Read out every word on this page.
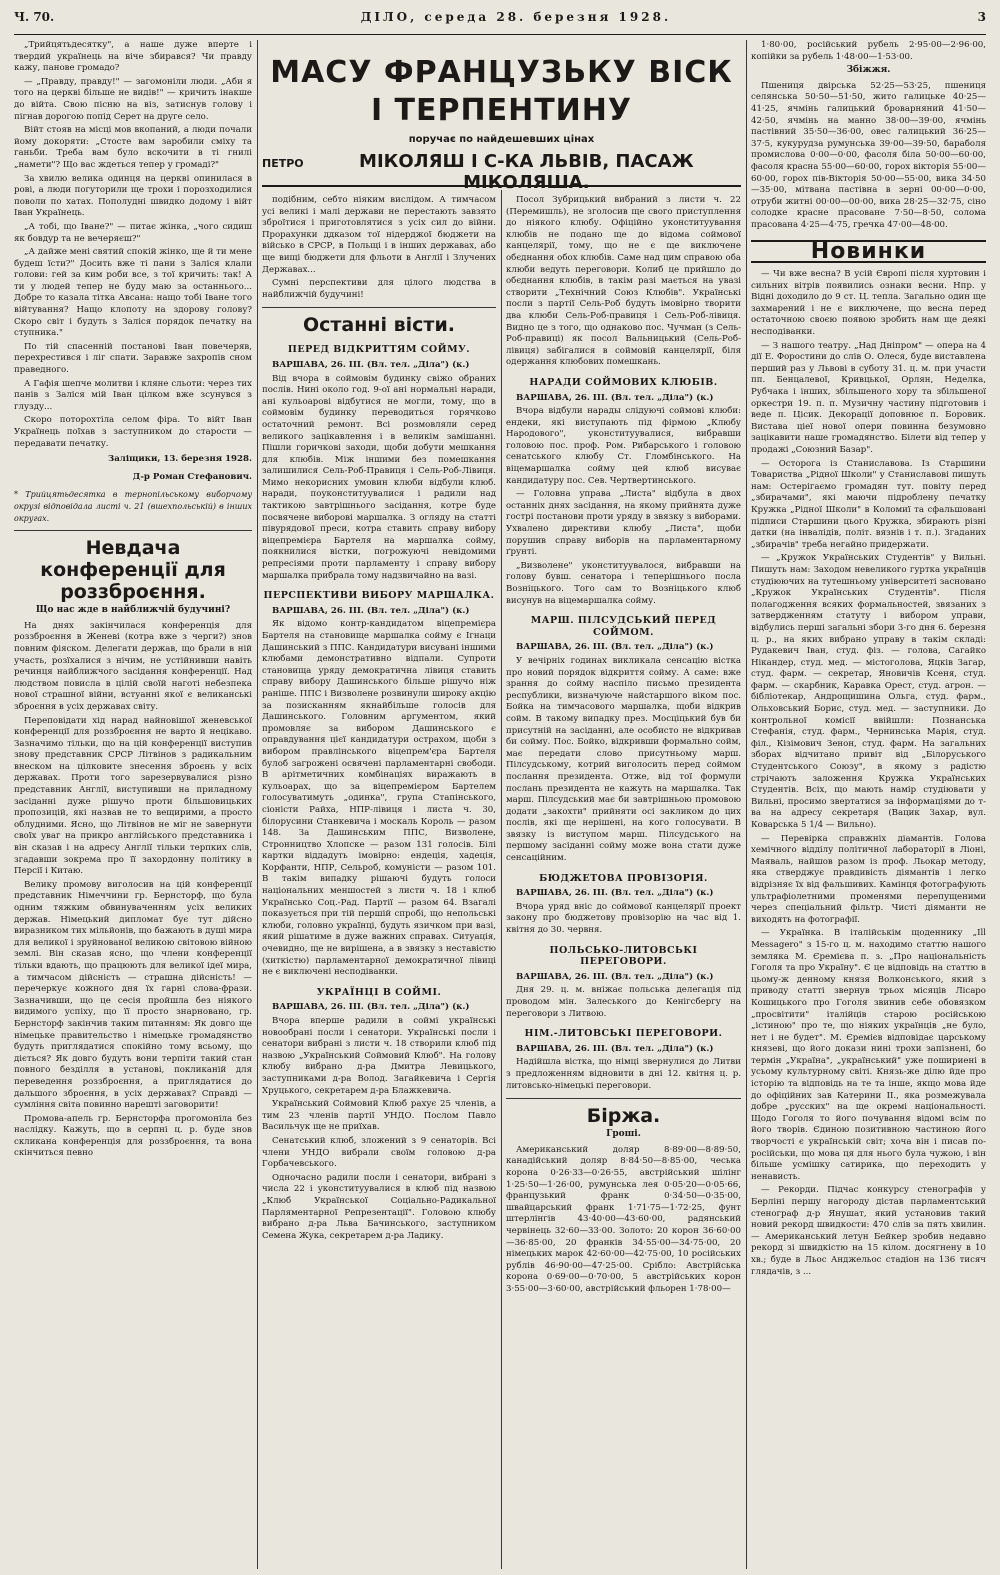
Ч. 70.	ДІЛО, середа 28. березня 1928.	3
МАСУ ФРАНЦУЗЬКУ ВІСК І ТЕРПЕНТИНУ
поручає по найдешевших цінах
ПЕТРО	МІКОЛЯШ І С-КА ЛЬВІВ, ПАСАЖ МІКОЛЯША.

„Трийцятьдесятку", а наше дуже вперте і твердий українець на віче збирався? Чи правду кажу, панове громадо?

— „Правду, правду!" — загомоніли люди. „Аби я того на церкві більше не видів!" — кричить інакше до війта. Свою пісню на віз, затиснув голову і пігнав дорогою попід Серет на друге село.

Війт стояв на місці мов вкопаний, а люди почали йому докоряти: „Стосте вам заробили сміху та ганьби. Треба вам було вскочити в ті гнилі „намети"? Що вас ждеться тепер у громаді?"

За хвилю велика одинця на церкві опинилася в ровi, а люди погуторили ще трохи і порозходилися поволи по хатах. Пополудні швидко додому і війт Іван Українець.

„А тобі, що Іване?" — питає жінка, „чого сидиш як бовдур та не вечеряєш?"

„А дайже мені святий спокій жінко, ще й ти мене будеш їсти?" Досить вже ті пани з Заліся клали голови: гей за ким роби все, з тої кричить: так! А ти у людей тепер не буду маю за останнього... Добре то казала тітка Авсана: нащо тобі Іване того війтування? Нащо клопоту на здорову голову? Скоро світ і будуть з Заліся порядок печатку на ступника."

По тій спасенній постанові Іван повечеряв, перехрестився і ліг спати. Заравже захропів сном праведного.

А Гафія шепче молитви і кляне сльоти: через тих панів з Заліся мій Іван цілком вже зсунувся з глузду...

Скоро поторохтіла селом фіра. То війт Іван Українець поїхав з заступником до старости — передавати печатку.

Заліщики, 13. березня 1928.
Д-р Роман Стефанович.
* Трийцятьдесятка в тернопільському виборчому окрузі відповідала листі ч. 21 (вшехпольській) в інших округах.
Невдача конференції для роззброєння.
Що нас жде в найближчій будучині?

На днях закінчилася конференція для роззброєння в Женеві (котра вже з черги?) знов повним фіяском. Делегати держав, що брали в ній участь, розїхалися з нічим, не устійнивши навіть речинця найближчого засідання конференції. Над людством повисла в цілій своїй наготі небезпека нової страшної війни, встуанні якої є великанські зброєння в усіх державах світу.

Переповідати хід нарад найновішої женевської конференції для роззброєння не варто й нецікаво. Зазначимо тільки, що на цій конференції виступив знову представник СРСР Літвінов з радикальним внеском на цілковите знесення зброєнь у всіх державах. Проти того зарезервувалися різно представник Англії, виступивши на приладному засіданні дуже рішучо проти більшовицьких пропозицій, які назвав не то вещирими, а просто облудними. Ясно, що Літвінов не міг не завернути своїх уваг на прикро англійського представника і він сказав і на адресу Англії тільки терпких слів, згадавши зокрема про її захордонну політику в Персії і Китаю.

Велику промову виголосив на цій конференції представник Німеччини гр. Бернсторф, що була одним тяжким обвинуваченням усіх великих держав. Німецький дипломат бує тут дійсно виразником тих мільйонів, що бажають в душі мира для великої і зруйнованої великою світовою війною землі. Він сказав ясно, що члени конференції тільки вдають, що працюють для великої ідеї мира, а тимчасом дійсність — страшна дійсність! — перечеркує кожного дня їх гарні слова-фрази. Зазначивши, що це сесія пройшла без ніякого видимого успіху, що її просто знарновано, гр. Бернсторф закінчив таким питанням: Як довго ще німецьке правительство і німецьке громадянство будуть приглядатися спокійно тому всьому, що діється? Як довго будуть вони терпіти такий стан повного безділля в установі, покликаній для переведення роззброєння, а приглядатися до дальшого зброєння, в усіх державах? Справді — сумління світа повинно нарешті заговорити!

Промова-апель гр. Бернсторфа прогомоніла без наслідку. Кажуть, що в серпні ц. р. буде знов скликана конференція для роззброєння, та вона скінчиться певно

подібним, себто ніяким вислідом. А тимчасом усі великі і малі держави не перестають завзято зброїтися і приготовлятися з усіх сил до війни. Прорахунки ддказом тої нідерджої бюджети на військо в СРСР, в Польщі і в інших державах, або ще вищі бюджети для фльоти в Англії і Злучених Державах...

Сумні перспективи для цілого людства в найближчій будучині!

Останні вісти.
ПЕРЕД ВІДКРИТТЯМ СОЙМУ.

ВАРШАВА, 26. ІІІ. (Вл. тел. „Діла") (к.)

Від вчора в соймовім будинку свіжо обраних послів. Нині около год. 9-ої ані нормальні наради, ані кульоарові відбутися не могли, тому, що в соймовім будинку переводиться горячково остаточний ремонт. Всі розмовляли серед великого зацікавлення і в великім замішанні. Пішли горичкові заходи, щоби добути мешкання для клюбів. Між іншими без помешкання залишилися Сель-Роб-Правиця і Сель-Роб-Лівиця. Мимо некорисних умовин клюби відбули клюб. наради, поуконституувалися і радили над тактикою завтрішнього засідання, котре буде посвячене виборові маршалка. З огляду на статті півурядової преси, котра ставить справу вибору віцепремієра Бартеля на маршалка сойму, поякнилися вістки, погрожуючі невідомими репресіями проти парламенту і справу вибору маршалка прибрала тому надзвичайно на вазі.

ПЕРСПЕКТИВИ ВИБОРУ МАРШАЛКА.

ВАРШАВА, 26. ІІІ. (Вл. тел. „Діла") (к.)

Як відомо контр-кандидатом віцепремієра Бартеля на становище маршалка сойму є Ігнаци Дашинський з ППС. Кандидатури висувані іншими клюбами демонстративно відпали. Супроти становища уряду демократична лівиця ставить справу вибору Дашинського більше рішучо ніж раніше. ППС і Визволене розвинули широку акцію за позисканням якнайбільше голосів для Дашинського. Головним аргументом, який промовляє за вибором Дашинського є оправдування цієї кандидатури острахом, щоби з вибором правлінського віцепрем'єра Бартеля булоб загрожені освячені парламентарні свободи. В арітметичних комбінаціях виражають в кульоарах, що за віцепремієром Бартелем голосуватимуть „одинка", група Стапінського, сіоністи Райха, НПР-лівиця і листа ч. 30, білорусини Станкевича і москаль Король — разом 148. За Дашинським ППС, Визволене, Стронництво Хлопске — разом 131 голосів. Білі картки віддадуть імовірно: ендеція, хадеція, Корфанти, НПР, Сельроб, комуністи — разом 101. В такім випадку рішаючі будуть голоси національних меншостей з листи ч. 18 і клюб Українсько Соц.-Рад. Партії — разом 64. Взагалі показується при тій першій спробі, що непольські клюби, головно українці, будуть язичком при вазі, який рішатиме в дуже важних справах. Ситуація, очевидно, ще не вирішена, а в звязку з неставістю (хиткістю) парламентарної демократичної лівиці не є виключені несподіванки.

УКРАЇНЦІ В СОЙМІ.

ВАРШАВА, 26. ІІІ. (Вл. тел. „Діла") (к.)

Вчора вперше радили в соймі українські новообрані посли і сенатори. Українські посли і сенатори вибрані з листи ч. 18 створили клюб під назвою „Український Соймовий Клюб". На голову клюбу вибрано д-ра Дмитра Левицького, заступниками д-ра Волод. Загайкевича і Сергія Хруцького, секретарем д-ра Блажкевича.

Український Соймовий Клюб рахує 25 членів, а тим 23 членів партії УНДО. Послом Павло Васильчук ще не приїхав.

Сенатський клюб, зложений з 9 сенаторів. Всі члени УНДО вибрали своїм головою д-ра Горбачевського.

Одночасно радили посли і сенатори, вибрані з числа 22 і уконституувалися в клюб під назвою „Клюб Української Соціально-Радикальної Парляментарної Репрезентації". Головою клюбу вибрано д-ра Льва Бачинського, заступником Семена Жука, секретарем д-ра Ладику.

Посол Зубрицький вибраний з листи ч. 22 (Перемишль), не зголосив ще свого приступлення до ніякого клюбу. Офіційно уконституування клюбів не подано ще до відома соймової канцелярії, тому, що не є ще виключене обєднання обох клюбів. Саме над цим справою оба клюби ведуть переговори. Колиб це прийшло до обєднання клюбів, в такім разі мається на увазі створити „Технічний Союз Клюбів". Українські посли з партії Сель-Роб будуть імовірно творити два клюби Сель-Роб-правиця і Сель-Роб-лівиця. Видно це з того, що однаково пос. Чучман (з Сель-Роб-правиці) як посол Вальницький (Сель-Роб-лівиця) забігалися в соймовій канцелярії, біля одержання клюбових помешкань.

НАРАДИ СОЙМОВИХ КЛЮБІВ.

ВАРШАВА, 26. ІІІ. (Вл. тел. „Діла") (к.)

Вчора відбули нарады слідуючі соймові клюби: ендеки, які виступають під фірмою „Клюбу Народового", уконституувалися, вибравши головою пос. проф. Ром. Рибарського і головою сенатського клюбу Ст. Гломбінського. На віцемаршалка сойму цей клюб висуває кандидатуру пос. Сев. Чертвертинського.

— Головна управа „Листа" відбула в двох останніх днях засідання, на якому прийнята дуже гострі постанови проти уряду в звязку з виборами. Ухвалено директиви клюбу „Листа", щоби порушив справу виборів на парламентарному ґрунті.

„Визволене" уконституувалося, вибравши на голову бувш. сенатора і теперішнього посла Возніцького. Того сам то Возніцького клюб висунув на віцемаршалка сойму.

МАРШ. ПІЛСУДСЬКИЙ ПЕРЕД СОЙМОМ.

ВАРШАВА, 26. ІІІ. (Вл. тел. „Діла") (к.)

У вечірніх годинах викликала сенсацію вістка про новий порядок відкриття сойму. А саме: вже зрання до сойму наспіло письмо президента республики, визначуюче найстаршого віком пос. Бойка на тимчасового маршалка, щоби відкрив сойм. В такому випадку през. Мосціцький був би присутній на засіданні, але особисто не відкривав би сойму. Пос. Бойко, відкривши формально сойм, має передати слово присутньому марш. Пілсудському, котрий виголосить перед соймом послання президента. Отже, від тої формули послань президента не кажуть на маршалка. Так марш. Пілсудський має би завтрішньою промовою додати „закохти" прийняти осі закликом до цих послів, які ще нерішені, на кого голосувати. В звязку із виступом марш. Пілсудського на першому засіданні сойму може вона стати дуже сенсаційним.

БЮДЖЕТОВА ПРОВІЗОРІЯ.

ВАРШАВА, 26. ІІІ. (Вл. тел. „Діла") (к.)

Вчора уряд вніс до соймової канцелярії проект закону про бюджетову провізорію на час від 1. квітня до 30. червня.

ПОЛЬСЬКО-ЛИТОВСЬКІ ПЕРЕГОВОРИ.

ВАРШАВА, 26. ІІІ. (Вл. тел. „Діла") (к.)

Дня 29. ц. м. вніжає польська делегація під проводом мін. Залеського до Кенігсбергу на переговори з Литвою.

НІМ.-ЛИТОВСЬКІ ПЕРЕГОВОРИ.

ВАРШАВА, 26. ІІІ. (Вл. тел. „Діла") (к.)

Надійшла вістка, що німці звернулися до Литви з предложенням відновити в дні 12. квітня ц. р. литовсько-німецькі переговори.

Біржа.
Гроші.

Американський доляр 8·89·00—8·89·50, канадійський доляр 8·84·50—8·85·00, чеська корона 0·26·33—0·26·55, австрійський шілінг 1·25·50—1·26·00, румунська лея 0·05·20—0·05·66, французький франк 0·34·50—0·35·00, швайцарський франк 1·71·75—1·72·25, фунт штерлінгів 43·40·00—43·60·00, радянський червінець 32·60—33·00. Золото: 20 корон 36·60·00—36·85·00, 20 франків 34·55·00—34·75·00, 20 німецьких марок 42·60·00—42·75·00, 10 російських рублів 46·90·00—47·25·00. Срібло: Австрійська корона 0·69·00—0·70·00, 5 австрійських корон 3·55·00—3·60·00, австрійський фльорен 1·78·00—

1·80·00, російський рубель 2·95·00—2·96·00, копійки за рубель 1·48·00—1·53·00.

Збіжжя.

Пшениця двірська 52·25—53·25, пшениця селянська 50·50—51·50, жито галицьке 40·25—41·25, ячмінь галицький броварняний 41·50—42·50, ячмінь на манно 38·00—39·00, ячмінь пастівний 35·50—36·00, овес галицький 36·25—37·5, кукурудза румунська 39·00—39·50, бараболя промислова 0·00—0·00, фасоля біла 50·00—60·00, фасоля красна 55·00—60·00, горох віктoрія 55·00—60·00, горох пів-Вікторія 50·00—55·00, вика 34·50—35·00, мітвана пастівна в зерні 00·00—0·00, отруби житні 00·00—00·00, вика 28·25—32·75, сіно солодке красне прасоване 7·50—8·50, солома прасована 4·25—4·75, гречка 47·00—48·00.

Новинки

— Чи вже весна? В усій Європі після хуртовин і сильних вітрів появились ознаки весни. Нпр. у Відні доходило до 9 ст. Ц. тепла. Загально один ще захмарений і не є виключене, що весна перед остаточною своєю появою зробить нам ще деякі несподіванки.

— З нашого театру. „Над Дніпром" — опера на 4 дії Е. Форостини до слів О. Олеся, буде виставлена перший раз у Львові в суботу 31. ц. м. при участи пп. Бенцалевої, Кривцької, Орлян, Неделка, Рубчака і інших, збільшеного хору та збільшеної оркестри 19. п. п. Музичну частину підготовив і веде п. Цісик. Декорації доповнює п. Боровик. Вистава ціеї нової опери повинна безумовно зацікавити наше громадянство. Білети від тепер у продажі „Союзний Базар".

— Осторога із Станиславова. Із Старшини Товариства „Рідної Школи" у Станиславові пишуть нам: Остерігаємо громадян тут. повіту перед „збирачами", які маючи підроблену печатку Кружка „Рідної Школи" в Коломиї та сфальшовані підписи Старшини цього Кружка, збирають різні датки (на інвалідів, політ. вязнів і т. п.). Згаданих „збирачів" треба негайно придержати.

— „Кружок Українських Студентів" у Вильні. Пишуть нам: Заходом невеликого гуртка українців студіюючих на тутешньому університеті засновано „Кружок Українських Студентів". Після полагодження всяких формальностей, звязаних з затвердженням статуту і вибором управи, відбулись перші загальні збори 3-го дня 6. березня ц. р., на яких вибрано управу в такім складі: Рудакевич Іван, студ. фіз. — голова, Сагайко Нікандер, студ. мед. — містоголова, Яцків Загар, студ. фарм. — секретар, Яновичів Ксеня, студ. фарм. — скарбник, Каравка Орест, студ. агрон. — бібліотекар, Андрощишина Ольга, студ. фарм., Ольховський Борис, студ. мед. — заступники. До контрольної комісії ввійшли: Познанська Стефанія, студ. фарм., Чернинська Марія, студ. філ., Кізімович Зенон, студ. фарм. На загальних зборах відчитано привіт від „Білоруського Студентського Союзу", в якому з радістю стрічають заложення Кружка Українських Студентів. Всіх, що мають намір студіювати у Вильні, просимо звертатися за інформаціями до т-ва на адресу секретаря (Вацик Захар, вул. Коварська 5 1/4 — Вильно).

— Перевірка справжніх діамантів. Голова хемічного відділу політичної лабораторії в Ліоні, Маяваль, найшов разом із проф. Льокар методу, яка стверджує правдивість діямантів і легко відрізняє їх від фальшивих. Камінця фотографують ультрафіолетними променями перепущеними через спеціальний фільтр. Чисті діяманти не виходять на фотографії.

— Українка. В італійськім щоденнику „Ill Messagero" з 15-го ц. м. находимо статтю нашого земляка М. Єремієва п. з. „Про національність Гоголя та про Україну". Є це відповідь на статтю в цьому-ж денному князя Волконського, який з приводу статті звернув трьох місяців Лісаро Кошицького про Гоголя звинив себе обовязком „просвітити" італійців старою російською „істиною" про те, що ніяких українців „не було, нет і не будет". М. Єремієв відповідає царському князеві, що його докази нині трохи запізнені, бо термін „Україна", „український" уже пошириені в усьому культурному світі. Князь-же ділю йде про історію та відповідь на те та інше, якщо мова йде до офіційних зав Катерини ІІ., яка розмежувала добре „русских" на ще окремі національності. Щодо Гоголя то його почування відомі всім по його творів. Єдиною позитивною частиною його творчості є українській світ; хоча він і писав по-російськи, що мова ця для нього була чужою, і він більше усмішку сатирика, що переходить у ненависть.

— Рекорди. Підчас конкурсу стенографів у Берліні першу нагороду дістав парламентський стенограф д-р Янушат, який установив такий новий рекорд швидкости: 470 слів за пять хвилин. — Американський летун Бейкер зробив недавно рекорд зі швидкістю на 15 кілом. досягнену в 10 хв.; буде в Льос Анджельос стадіон на 136 тисяч глядачів, з ...
